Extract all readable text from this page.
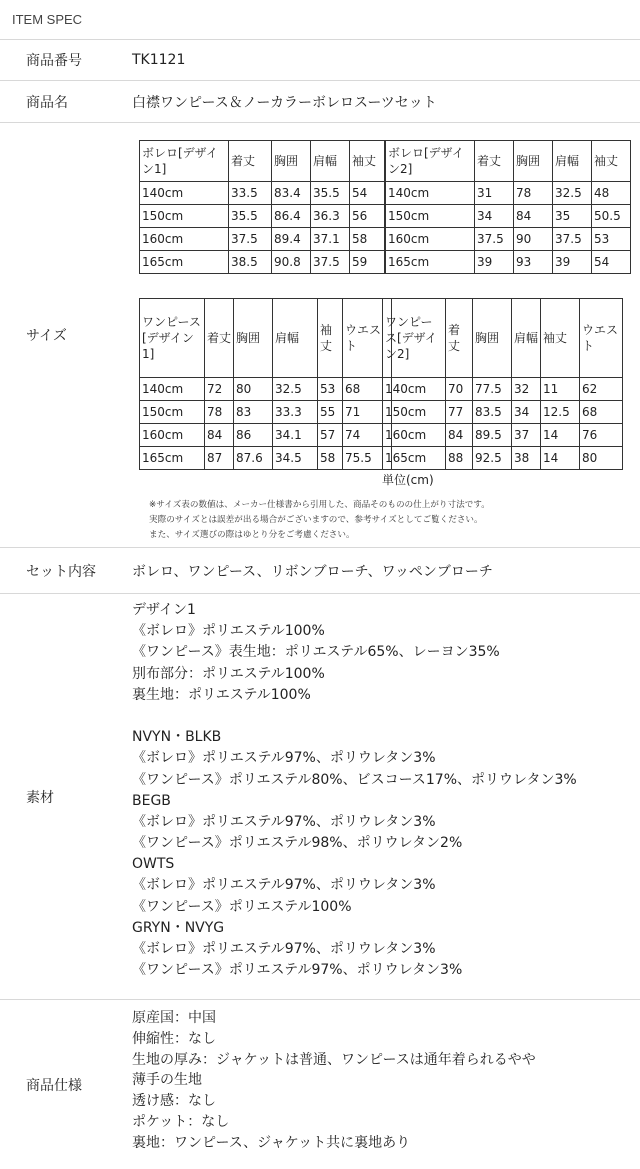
ITEM SPEC
商品番号	TK1121
商品名	白襟ワンピース＆ノーカラーボレロスーツセット
サイズ
ボレロ[デザイン1]	着丈	胸囲	肩幅	袖丈
140cm	33.5	83.4	35.5	54
150cm	35.5	86.4	36.3	56
160cm	37.5	89.4	37.1	58
165cm	38.5	90.8	37.5	59
ボレロ[デザイン2]	着丈	胸囲	肩幅	袖丈
140cm	31	78	32.5	48
150cm	34	84	35	50.5
160cm	37.5	90	37.5	53
165cm	39	93	39	54
ワンピース[デザイン1]	着丈	胸囲	肩幅	袖丈	ウエスト
140cm	72	80	32.5	53	68
150cm	78	83	33.3	55	71
160cm	84	86	34.1	57	74
165cm	87	87.6	34.5	58	75.5
ワンピース[デザイン2]	着丈	胸囲	肩幅	袖丈	ウエスト
140cm	70	77.5	32	11	62
150cm	77	83.5	34	12.5	68
160cm	84	89.5	37	14	76
165cm	88	92.5	38	14	80
単位(cm)
※サイズ表の数値は、メーカー仕様書から引用した、商品そのものの仕上がり寸法です。
実際のサイズとは誤差が出る場合がございますので、参考サイズとしてご覧ください。
また、サイズ選びの際はゆとり分をご考慮ください。
セット内容	ボレロ、ワンピース、リボンブローチ、ワッペンブローチ
素材
デザイン1
《ボレロ》ポリエステル100%
《ワンピース》表生地：ポリエステル65%、レーヨン35%
別布部分：ポリエステル100%
裏生地：ポリエステル100%
NVYN・BLKB
《ボレロ》ポリエステル97%、ポリウレタン3%
《ワンピース》ポリエステル80%、ビスコース17%、ポリウレタン3%
BEGB
《ボレロ》ポリエステル97%、ポリウレタン3%
《ワンピース》ポリエステル98%、ポリウレタン2%
OWTS
《ボレロ》ポリエステル97%、ポリウレタン3%
《ワンピース》ポリエステル100%
GRYN・NVYG
《ボレロ》ポリエステル97%、ポリウレタン3%
《ワンピース》ポリエステル97%、ポリウレタン3%
商品仕様
原産国：中国
伸縮性：なし
生地の厚み：ジャケットは普通、ワンピースは通年着られるやや
薄手の生地
透け感：なし
ポケット：なし
裏地：ワンピース、ジャケット共に裏地あり
